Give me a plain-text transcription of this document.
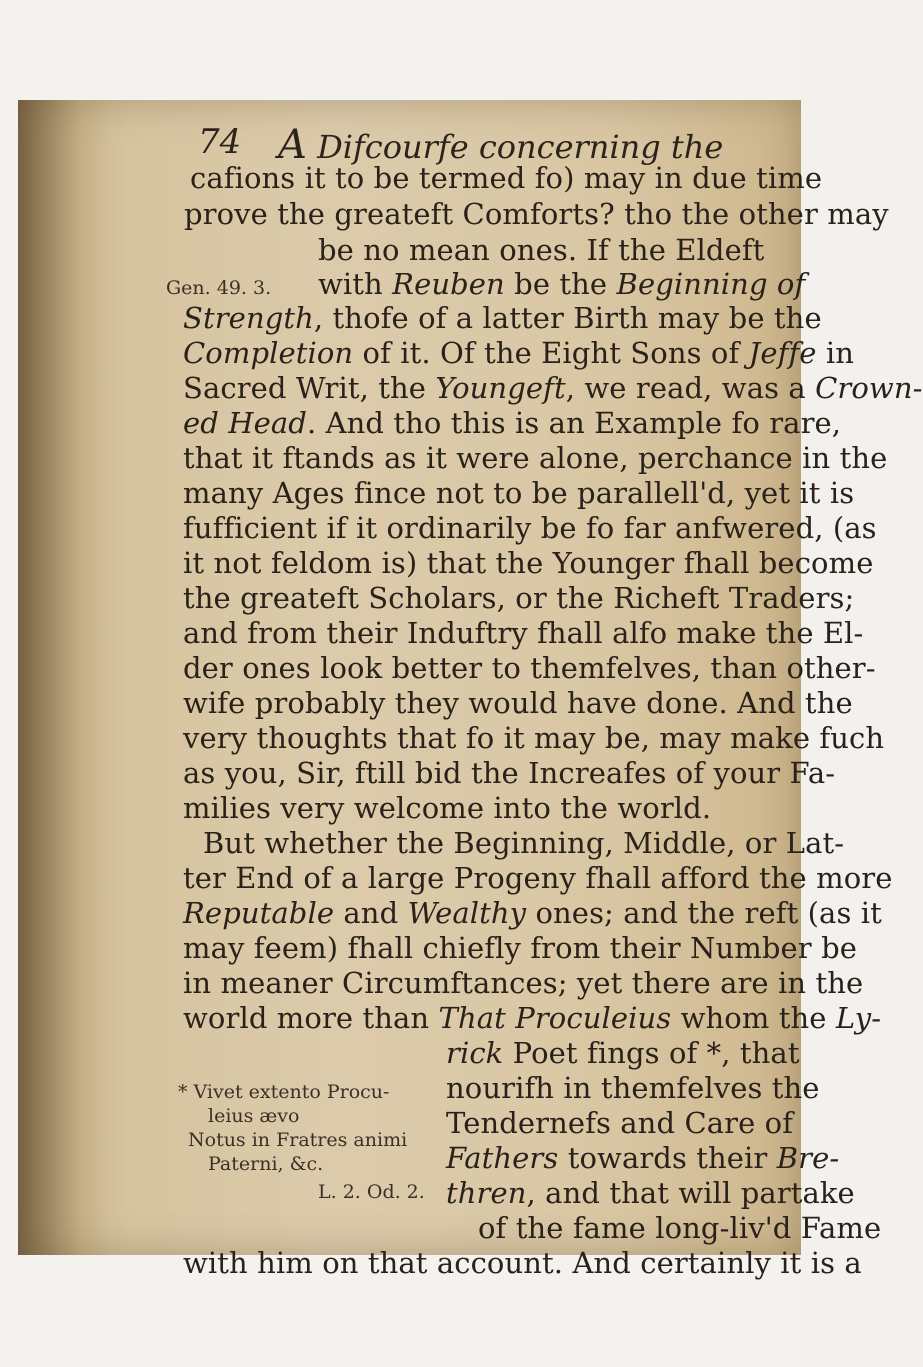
74 A Difcourfe concerning the
cafions it to be termed fo) may in due time
prove the greateft Comforts? tho the other may
be no mean ones. If the Eldeft
with Reuben be the Beginning of
Strength, thofe of a latter Birth may be the
Completion of it. Of the Eight Sons of Jeffe in
Sacred Writ, the Youngeft, we read, was a Crown-
ed Head. And tho this is an Example fo rare,
that it ftands as it were alone, perchance in the
many Ages fince not to be parallell'd, yet it is
fufficient if it ordinarily be fo far anfwered, (as
it not feldom is) that the Younger fhall become
the greateft Scholars, or the Richeft Traders;
and from their Induftry fhall alfo make the El-
der ones look better to themfelves, than other-
wife probably they would have done. And the
very thoughts that fo it may be, may make fuch
as you, Sir, ftill bid the Increafes of your Fa-
milies very welcome into the world.
But whether the Beginning, Middle, or Lat-
ter End of a large Progeny fhall afford the more
Reputable and Wealthy ones; and the reft (as it
may feem) fhall chiefly from their Number be
in meaner Circumftances; yet there are in the
world more than That Proculeius whom the Ly-
rick Poet fings of *, that
nourifh in themfelves the
Tendernefs and Care of
Fathers towards their Bre-
thren, and that will partake
of the fame long-liv'd Fame
with him on that account. And certainly it is a
Gen. 49. 3.
* Vivet extento Procu-
leius ævo
Notus in Fratres animi
Paterni, &c.
L. 2. Od. 2.
